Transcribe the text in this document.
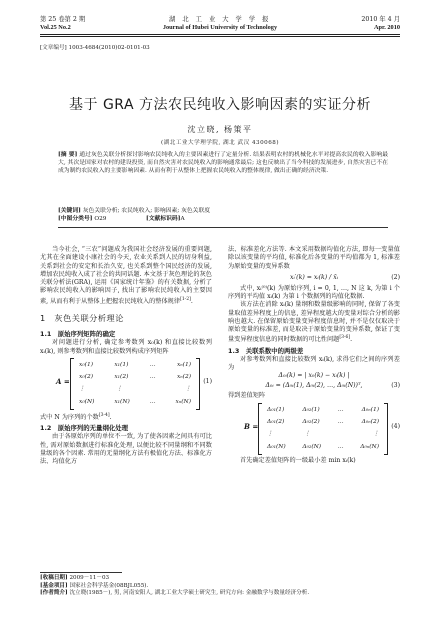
第 25 卷第 2 期	湖 北 工 业 大 学 学 报	2010 年 4 月
Vol.25 No.2	Journal of Hubei University of Technology	Apr. 2010
[文章编号] 1003-4684(2010)02-0101-03
基于 GRA 方法农民纯收入影响因素的实证分析
沈立晓, 杨策平
(湖北工业大学理学院, 湖北 武汉 430068)
[摘 要] 通过灰色关联分析探讨影响农民纯收入的主要因素进行了定量分析. 结果表明农村的机械化水平对提高农民的收入影响最大, 其次是国家对农村的建设投资, 而自然灾害对农民纯收入的影响通常最后; 这也反映出了当今科技的发展进步, 自然灾害已不在成为制约农民收入的主要影响因素. 从而有利于从整体上把握农民纯收入的整体规律, 做出正确的经济决策.
[关键词] 灰色关联分析; 农民纯收入; 影响因素; 灰色关联度
[中图分类号] O29	[文献标识码]A

当今社会, “三农”问题成为我国社会经济发展的重要问题, 尤其在全面建设小康社会的今天, 农业关系到人民的切身利益, 关系到社会的安定和长治久安, 也关系到整个国民经济的发展, 增加农民纯收入成了社会的共同话题. 本文基于灰色理论的灰色关联分析法(GRA), 运用《国家统计年鉴》的有关数据, 分析了影响农民纯收入的影响因子, 找出了影响农民纯收入的主要因素, 从而有利于从整体上把握农民纯收入的整体规律[1-2].

1　灰色关联分析理论
1.1　原始序列矩阵的确定

对问题进行分析, 确定参考数列 x₀(k) 和直接比较数列 xᵢ(k), 则参考数列和直接比较数列构成序列矩阵

A =
x₀(1)	x₁(1)	…	xₙ(1)
x₀(2)	x₁(2)	…	xₙ(2)
⋮	⋮	⋮
x₀(N)	x₁(N)	…	xₙ(N)
(1)

式中 N 为序列的个数[3-4].

1.2　原始序列的无量纲化处理

由于各原始序列的单位不一致, 为了使各因素之间具有可比性, 需对原始数据进行标准化处理, 以便比较不同量纲和不同数量级的各个因素. 常用的无量纲化方法有极值化方法、标准化方法、均值化方

法、标准差化方法等. 本文采用数据均值化方法, 即每一变量值除以该变量的平均值, 标准化后各变量的平均值都为 1, 标准差为原始变量的变异系数

xᵢ′(k) = xᵢ(k) / x̄ᵢ	(2)

式中, xᵢ⁽⁰⁾(k) 为原始序列, i = 0, 1, …, N 这 k, 为第 i 个序列的平均值 xᵢ(k) 为第 i 个数据列的均值化数据.

该方法在消除 xᵢ(k) 量纲和数量级影响的同时, 保留了各变量取值差异程度上的信息, 差异程度越大的变量对综合分析的影响也越大. 在保留原始变量变异程度信息时, 并不是仅仅取决于原始变量的标准差, 而是取决于原始变量的变异系数, 保证了变量变异程度信息的同时数据的可比性问题[3-6].

1.3　关联系数中的两级差

对参考数列和直接比较数列 xᵢ(k), 求得它们之间的序列差为

Δ₀ᵢ(k) = | x₀(k) − xᵢ(k) |
Δ₀ᵢ = (Δ₀ᵢ(1), Δ₀ᵢ(2), …, Δ₀ᵢ(N))ᵀ,	(3)

得到差值矩阵

B =
Δ₀₁(1)	Δ₀₂(1)	…	Δ₀ₙ(1)
Δ₀₁(2)	Δ₀₂(2)	…	Δ₀ₙ(2)
⋮	⋮	⋮
Δ₀₁(N)	Δ₀₂(N)	…	Δ₀ₙ(N)
(4)

首先确定差值矩阵的一级最小差 min xᵢ(k)

[收稿日期] 2009－11－03
[基金项目] 国家社会科学基金(08BJL055).
[作者简介] 沈立晓(1985－), 男, 河南安阳人, 湖北工业大学硕士研究生, 研究方向: 金融数学与数量经济分析.
